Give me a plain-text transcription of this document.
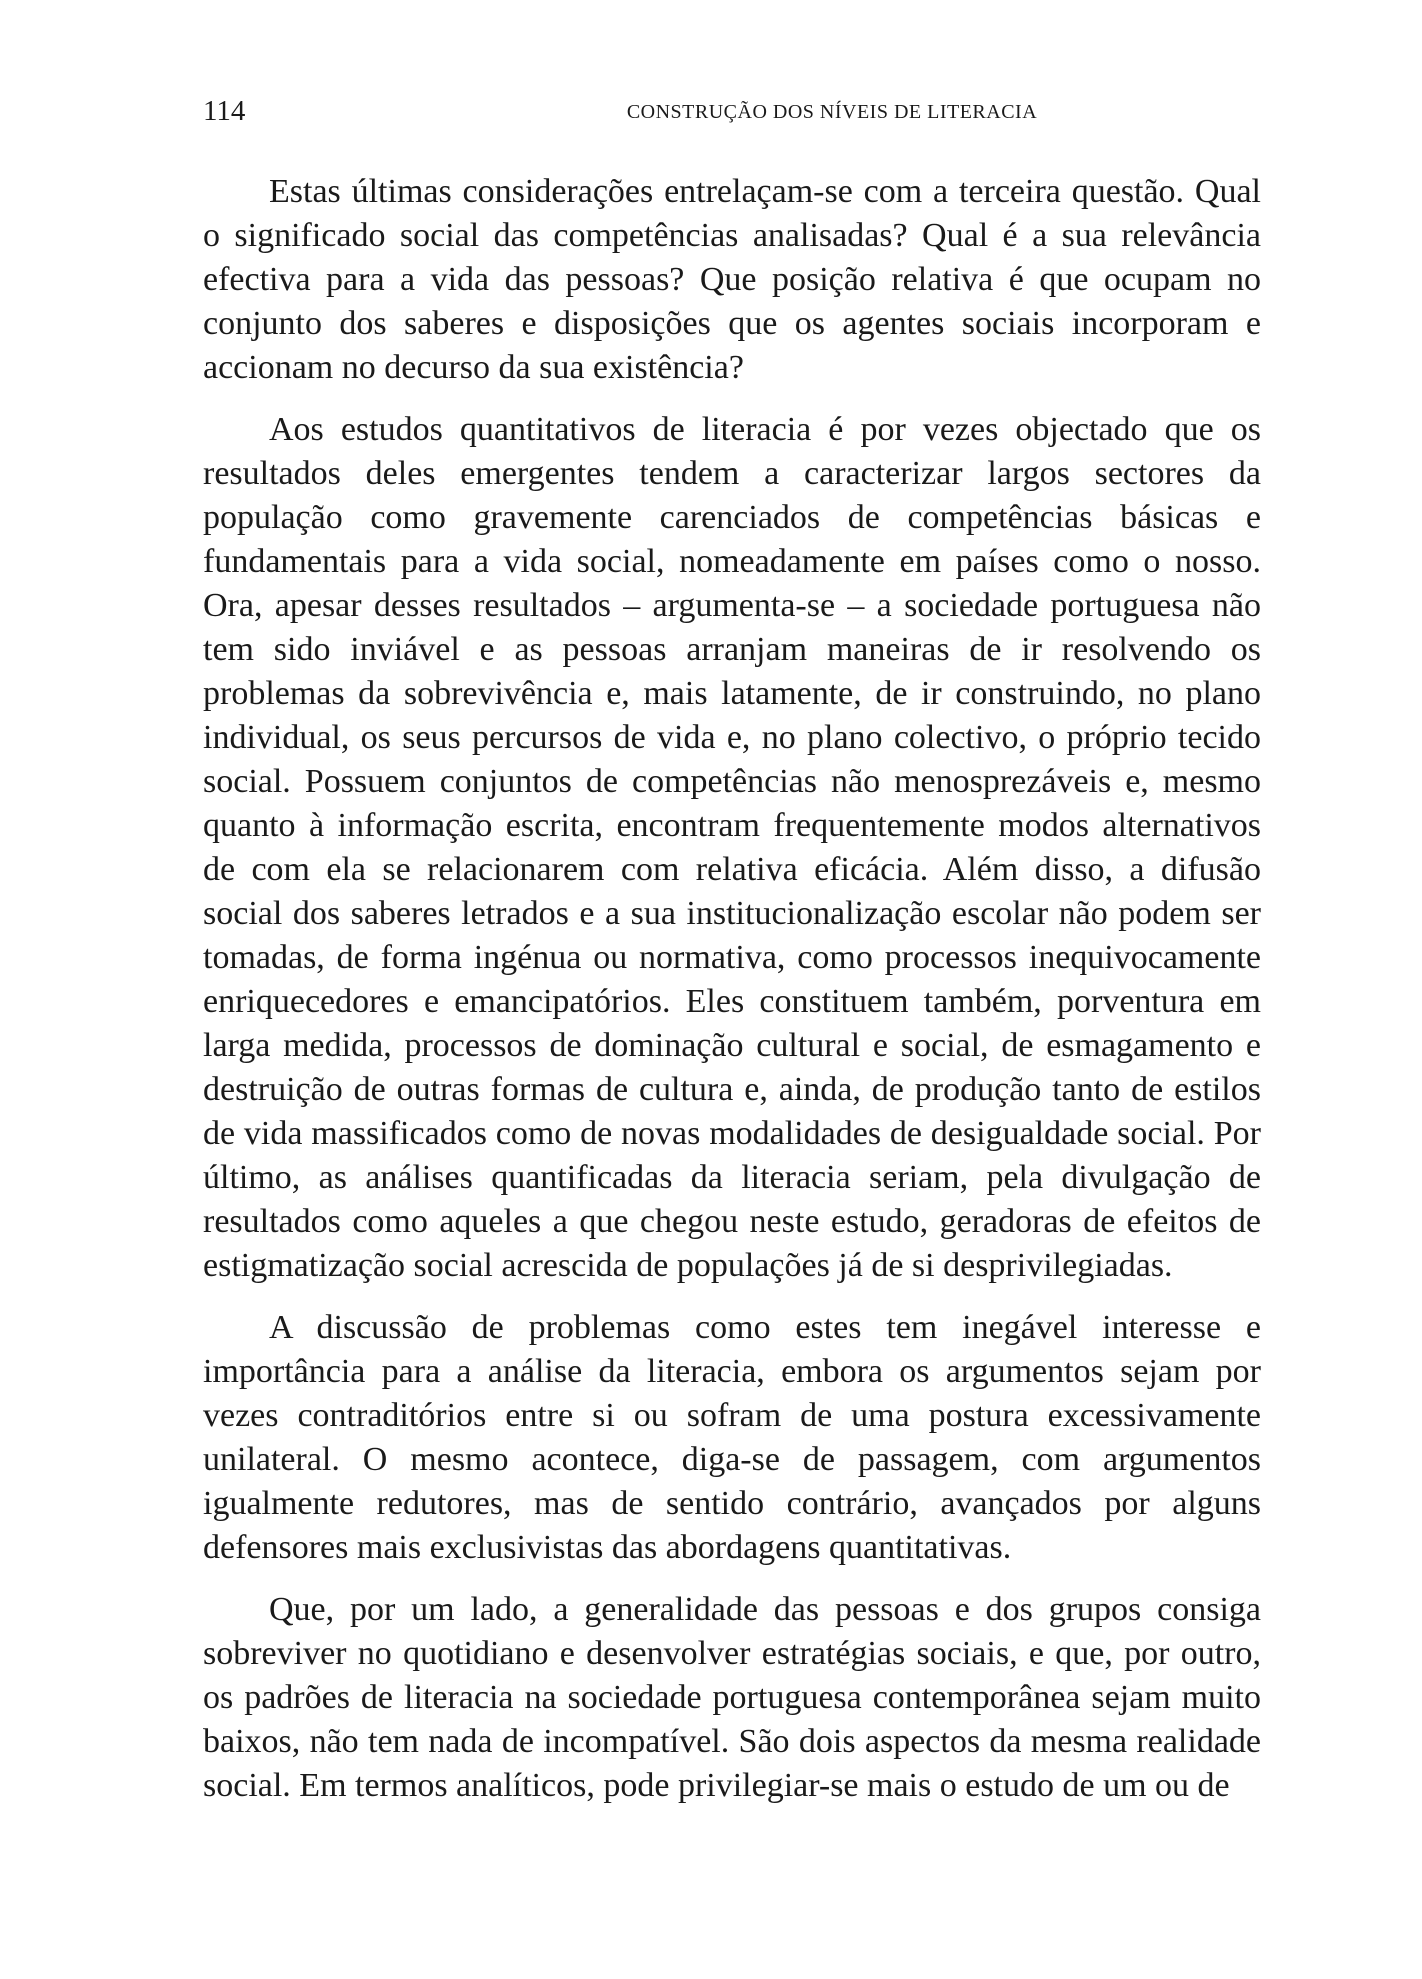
114	CONSTRUÇÃO DOS NÍVEIS DE LITERACIA

Estas últimas considerações entrelaçam-se com a terceira questão. Qual o significado social das competências analisadas? Qual é a sua relevância efectiva para a vida das pessoas? Que posição relativa é que ocupam no conjunto dos saberes e disposições que os agentes sociais incorporam e accionam no decurso da sua existência?

Aos estudos quantitativos de literacia é por vezes objectado que os resultados deles emergentes tendem a caracterizar largos sectores da população como gravemente carenciados de competências básicas e fundamentais para a vida social, nomeadamente em países como o nosso. Ora, apesar desses resultados – argumenta-se – a sociedade portuguesa não tem sido inviável e as pessoas arranjam maneiras de ir resolvendo os problemas da sobrevivência e, mais latamente, de ir construindo, no plano individual, os seus percursos de vida e, no plano colectivo, o próprio tecido social. Possuem conjuntos de competências não menosprezáveis e, mesmo quanto à informação escrita, encontram frequentemente modos alternativos de com ela se relacionarem com relativa eficácia. Além disso, a difusão social dos saberes letrados e a sua institucionalização escolar não podem ser tomadas, de forma ingénua ou normativa, como processos inequivocamente enriquecedores e emancipatórios. Eles constituem também, porventura em larga medida, processos de dominação cultural e social, de esmagamento e destruição de outras formas de cultura e, ainda, de produção tanto de estilos de vida massificados como de novas modalidades de desigualdade social. Por último, as análises quantificadas da literacia seriam, pela divulgação de resultados como aqueles a que chegou neste estudo, geradoras de efeitos de estigmatização social acrescida de populações já de si desprivilegiadas.

A discussão de problemas como estes tem inegável interesse e importância para a análise da literacia, embora os argumentos sejam por vezes contraditórios entre si ou sofram de uma postura excessivamente unilateral. O mesmo acontece, diga-se de passagem, com argumentos igualmente redutores, mas de sentido contrário, avançados por alguns defensores mais exclusivistas das abordagens quantitativas.

Que, por um lado, a generalidade das pessoas e dos grupos consiga sobreviver no quotidiano e desenvolver estratégias sociais, e que, por outro, os padrões de literacia na sociedade portuguesa contemporânea sejam muito baixos, não tem nada de incompatível. São dois aspectos da mesma realidade social. Em termos analíticos, pode privilegiar-se mais o estudo de um ou de
